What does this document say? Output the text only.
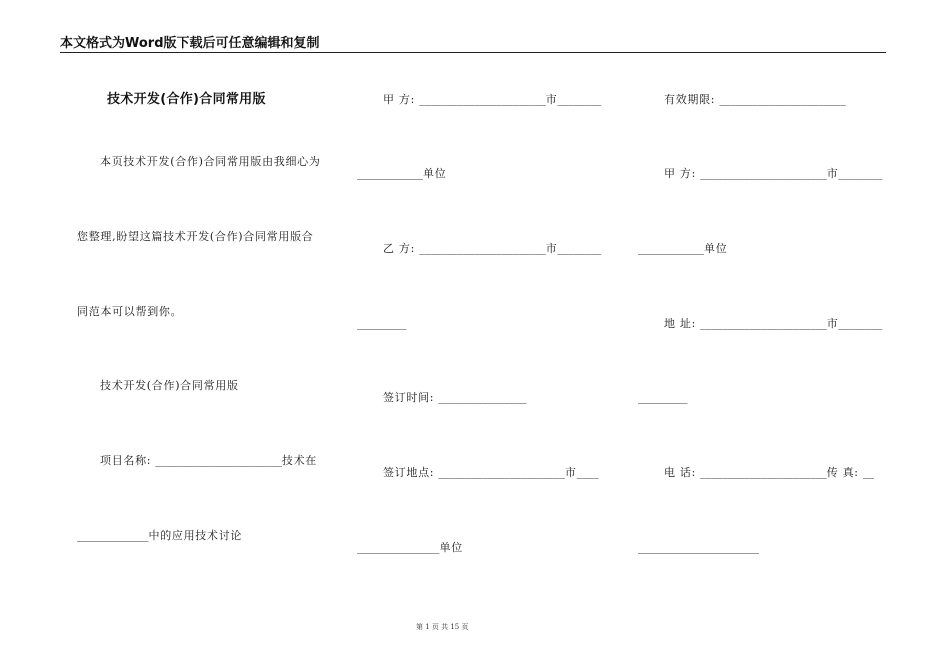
本文格式为Word版下载后可任意编辑和复制
技术开发(合作)合同常用版
本页技术开发(合作)合同常用版由我细心为
您整理,盼望这篇技术开发(合作)合同常用版合
同范本可以帮到你。
技术开发(合作)合同常用版
项目名称: _______________________技术在
_____________中的应用技术讨论
甲 方: _______________________市________
____________单位
乙 方: _______________________市________
_________
签订时间: ________________
签订地点: _______________________市____
_______________单位
有效期限: _______________________
甲 方: _______________________市________
____________单位
地 址: _______________________市________
_________
电 话: _______________________传 真: __
______________________
第 1 页 共 15 页
